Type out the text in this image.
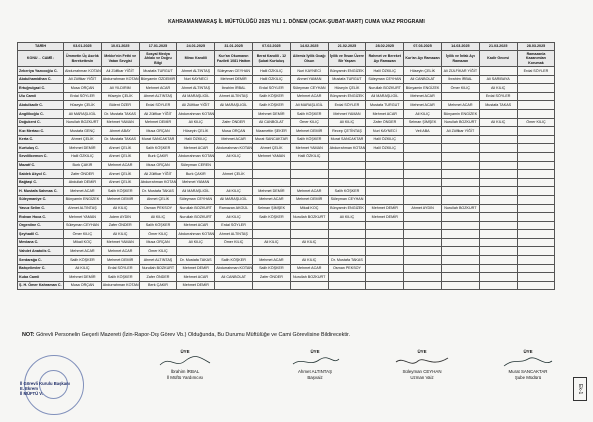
KAHRAMANMARAŞ İL MÜFTÜLÜĞÜ 2025 YILI 1. DÖNEM (OCAK-ŞUBAT-MART) CUMA VAAZ PROGRAMI
TARİH	03.01.2025	10.01.2025	17.01.2025	24.01.2025	31.01.2025	07.02.2025	14.02.2025	21.02.2025	28.02.2025	07.03.2025	14.03.2025	21.03.2025	28.03.2025
KONU→ CAMİİ↓	Ümmetin Üç Asırlık Berekettesin	Mekke'nin Fethi ve Vatan Sevgisi	Sosyal Medya Ahlakı ve Doğru Bilgi	Mirac Kandili	Kur'an Okumanın Fazileti 1081 Hattım	Berat Kandili - 12 Şubat Kurtuluş	Ailemiz İyilik Ocağı Olsun	İyilik ve İhsan Üzere Bir Yaşam	Rahmet ve Bereket Ayı Ramazan	Kur'an Ayı Ramazan	İyilik ve İnfak Ayı Ramazan	Kadir Gecesi	Ramazanla Kazanımları Korumak
Zekeriya Yazıcıoğlu C.	Abdurrahman KOTAN	Ali Zülfikar YİĞİT	Mustafa TURGUT	Ahmet ALTINTAŞ	Süleyman CEYHAN	Halil ÖZKILIÇ	Nuri KAYNECİ	Bünyamin ENGİZEK	Halil ÖZKILIÇ	Hüseyin ÇELİK	Ali ZÜLFİKAR YİĞİT		Erdal SÖYLER
Abdulhamidhan C.	Ali Zülfikar YİĞİT	Abdurrahman KOTAN	Bünyamin ÖZDEMİR	Nuri KAYNECİ	Mehmet DEMİR	Halil ÖZKILIÇ	Ahmet YAMAN	Mustafa TURGUT	Süleyman CEYHAN	Ali CANBOLAT	İbrahim İRBAL	Ali SARIBAYA	
Ertuğrulgazi C.	Musa ORÇAN	Ali YILDIRIM	Mehmet ACAR	Ahmet ALTINTAŞ	İbrahim İRBAL	Erdal SÖYLER	Süleyman CEYHAN	Hüseyin ÇELİK	Nurullah BOZKURT	Bünyamin ENGİZEK	Ömer KILIÇ	Ali KILIÇ	
Ulu Camii	Erdal SÖYLER	Hüseyin ÇELİK	Ahmet ALTINTAŞ	Ali MARAŞLIGİL	Ahmet ALTINTAŞ	Salih KÖŞKER	Mehmet ACAR	Bünyamin ENGİZEK	Ali MARAŞLIGİL	Mehmet ACAR		Erdal SÖYLER	
Abdulkadir C.	Hüseyin ÇELİK	Bülent ÖZER	Erdal SÖYLER	Ali Zülfikar YİĞİT	Ali MARAŞLIGİL	Salih KÖŞKER	Ali MARAŞLIGİL	Erdal SÖYLER	Mustafa TURGUT	Mehmet ACAR	Mehmet ACAR	Mustafa TAKAS	
Angilikoğlu C.	Ali MARAŞLIGİL	Dr. Mustafa TAKAS	Ali Zülfikar YİĞİT	Abdurrahman KOTAN		Mehmet DEMİR	Salih KÖŞKER	Mehmet YAMAN	Mehmet ACAR	Ali KILIÇ	Bünyamin ENGİZEK		
Doğukent C.	Nurullah BOZKURT	Mehmet YAMAN	Mehmet DEMİR	Ali KILIÇ	Zafer ÖNDER	Ali CANBOLAT	Ömer KILIÇ	Ali KILIÇ	Zafer ÖNDER	Selman ŞİMŞEK	Nurullah BOZKURT	Ali KILIÇ	Ömer KILIÇ
Kızı Mertacı C.	Mustafa GENÇ	Ahmet ABAY	Musa ORÇAN	Hüseyin ÇELİK	Musa ORÇAN	Nizamettin ŞEKER	Mehmet DEMİR	Recep ÇETİNTAŞ	Nuri KAYNECİ	Veli ABA	Ali Zülfikar YİĞİT		
Kerta C.	Ahmet ÇELİK	Dr. Mustafa TAKAS	Murat SANCAKTAR	Halil ÖZKILIÇ	Mehmet ACAR	Murat SANCAKTAR	Salih KÖŞKER	Murat SANCAKTAR	Halil ÖZKILIÇ				
Kurtuluş C.	Mehmet DEMİR	Ahmet ÇELİK	Salih KÖŞKER	Mehmet ACAR	Abdurrahman KOTAN	Ahmet ÇELİK	Mehmet YAMAN	Abdurrahman KOTAN	Halil ÖZKILIÇ				
Sevdilicemon C.	Halil ÖZKILIÇ	Ahmet ÇELİK	Burk ÇAKIR	Abdurrahman KOTAN	Ali KILIÇ	Mehmet YAMAN	Halil ÖZKILIÇ						
Mazatf C.	Burk ÇAKIR	Mehmet ACAR	Musa ORÇAN	Süleyman CEREN									
Saidek Akyol C.	Zafer ÖNDER	Ahmet ÇELİK	Ali Zülfikar YİĞİT	Burk ÇAKIR	Ahmet ÇELİK								
Bağtaşi C.	Abdullah DEMİR	Ahmet ÇELİK	Abdurrahman KOTAN	Mehmet YAMAN									
H. Mustafa Sahmas C.	Mehmet ACAR	Salih KÖŞKER	Dr. Mustafa TAKAS	Ali MARAŞLIGİL	Ali KILIÇ	Mehmet DEMİR	Mehmet ACAR	Salih KÖŞKER					
Süleymaniye C.	Bünyamin ENGİZEK	Mehmet DEMİR	Ahmet ÇELİK	Süleyman CEYHAN	Ali MARAŞLIGİL	Mehmet ACAR	Mehmet DEMİR	Süleyman CEYHAN					
Yavuz Selim C.	Ahmet ALTINTAŞ	Ali KILIÇ	Osman PEKSOY	Nurullah BOZKURT	Ramazan AKGÜL	Selman ŞİMŞEK	Mikail KOÇ	Bünyamin ENGİZEK	Mehmet DEMİR	Ahmet AYDIN	Nurullah BOZKURT		
Rıdvan Hoca C.	Mehmet YAMAN	Adem AYDIN	Ali KILIÇ	Nurullah BOZKURT	Ali KILIÇ	Salih KÖŞKER	Nurullah BOZKURT	Ali KILIÇ	Mehmet DEMİR				
Orgeniine C.	Süleyman CEYHAN	Zafer ÖNDER	Salih KÖŞKER	Mehmet ACAR	Erdal SÖYLER								
Şeyhadil C.	Ömer KILIÇ	Ali KILIÇ	Ömer KILIÇ	Abdurrahman KOTAN	Ahmet ALTINTAŞ								
Mevlana C.	Mikail KOÇ	Mehmet YAMAN	Musa ORÇAN	Ali KILIÇ	Ömer KILIÇ	Ali KILIÇ	Ali KILIÇ						
Vahdet Anatolis C.	Mehmet ACAR	Mehmet ACAR	Ömer KILIÇ										
Serdarağa C.	Salih KÖŞKER	Mehmet DEMİR	Ahmet ALTINTAŞ	Dr. Mustafa TAKAS	Salih KÖŞKER	Mehmet ACAR	Ali KILIÇ	Dr. Mustafa TAKAS					
Bahçelievler C.	Ali KILIÇ	Erdal SÖYLER	Nurullah BOZKURT	Mehmet DEMİR	Abdurrahman KOTAN	Salih KÖŞKER	Mehmet ACAR	Osman PEKSOY					
Kuba Camii	Mehmet DEMİR	Salih KÖŞKER	Zafer ÖNDER	Mehmet ACAR	Ali CANBOLAT	Zafer ÖNDER	Nurullah BOZKURT						
Ş. H. Ömer Kahraman C.	Musa ORÇAN	Abdurrahman KOTAN	Berk ÇAKIR	Mehmet DEMİR									
NOT: Görevli Personelin Geçerli Mazereti (İzin-Rapor-Dış Görev Vb.) Olduğunda, Bu Durumu Müftülüğe ve Cami Görevlisine Bildirecektir.
İl Görevli Kurulu Başkanı
E. Ekrem
İl MÜFTÜ V.
ÜYE
İbrahim İRBAL
İl Müftü Yardımcısı
ÜYE
Ahmet ALTINTAŞ
Başvaiz
ÜYE
Süleyman CEYHAN
Uzman Vaiz
ÜYE
Murat SANCAKTAR
Şube Müdürü
Ek-1
